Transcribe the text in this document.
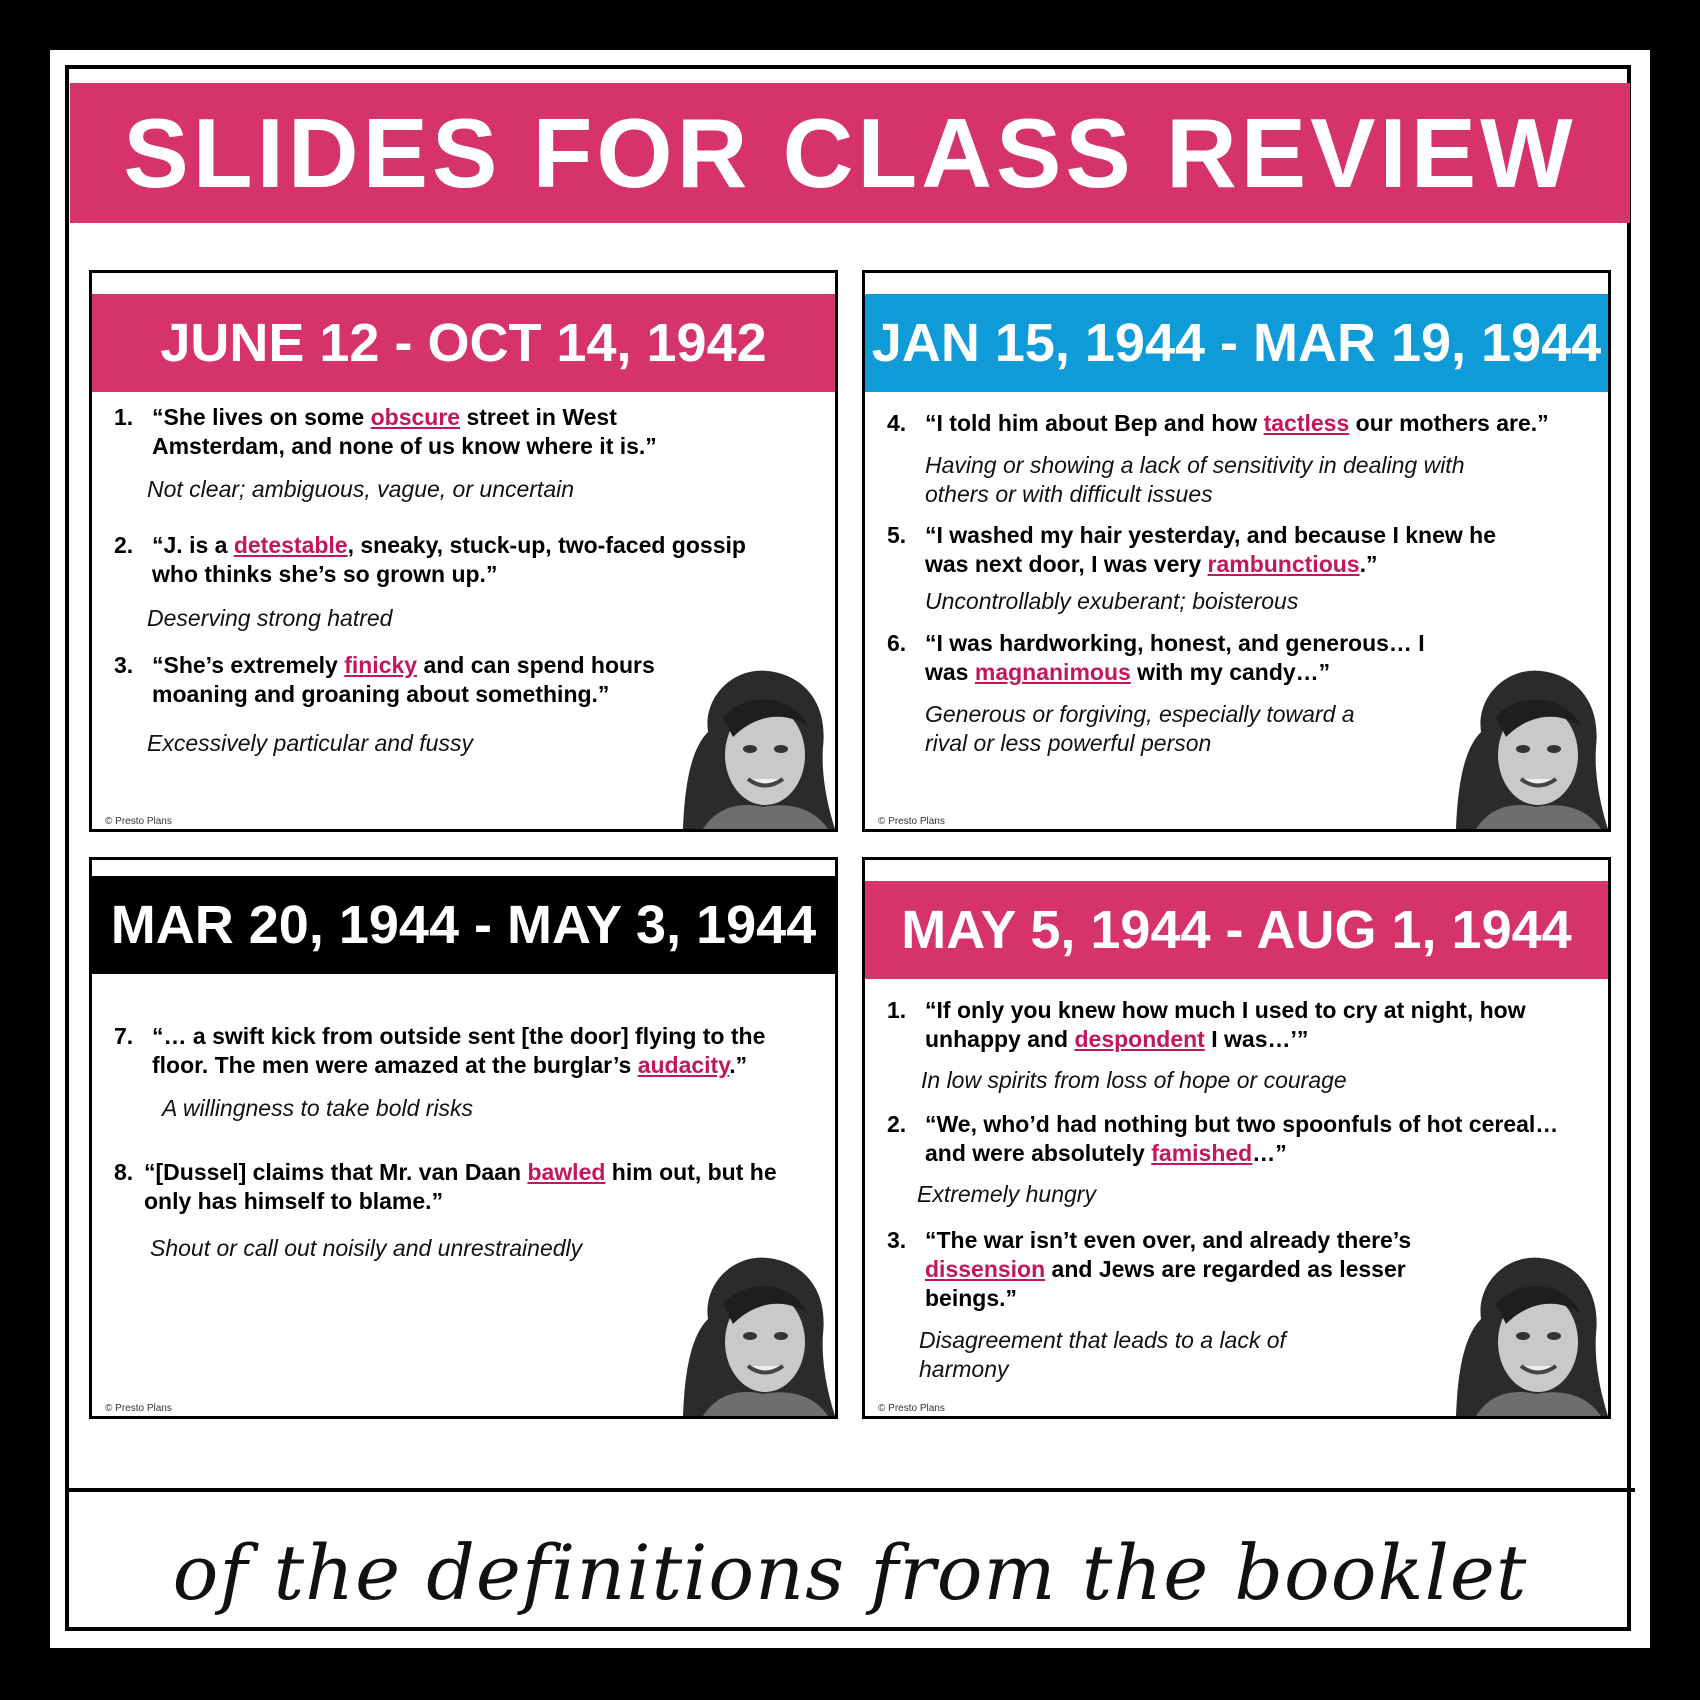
SLIDES FOR CLASS REVIEW
JUNE 12 - OCT 14, 1942
1. “She lives on some obscure street in West Amsterdam, and none of us know where it is.”
Not clear; ambiguous, vague, or uncertain
2. “J. is a detestable, sneaky, stuck-up, two-faced gossip who thinks she’s so grown up.”
Deserving strong hatred
3. “She’s extremely finicky and can spend hours moaning and groaning about something.”
Excessively particular and fussy
© Presto Plans
JAN 15, 1944 - MAR 19, 1944
4. “I told him about Bep and how tactless our mothers are.”
Having or showing a lack of sensitivity in dealing with others or with difficult issues
5. “I washed my hair yesterday, and because I knew he was next door, I was very rambunctious.”
Uncontrollably exuberant; boisterous
6. “I was hardworking, honest, and generous… I was magnanimous with my candy…”
Generous or forgiving, especially toward a rival or less powerful person
© Presto Plans
MAR 20, 1944 - MAY 3, 1944
7. “… a swift kick from outside sent [the door] flying to the floor. The men were amazed at the burglar’s audacity.”
A willingness to take bold risks
8. “[Dussel] claims that Mr. van Daan bawled him out, but he only has himself to blame.”
Shout or call out noisily and unrestrainedly
© Presto Plans
MAY 5, 1944 - AUG 1, 1944
1. “If only you knew how much I used to cry at night, how unhappy and despondent I was…’”
In low spirits from loss of hope or courage
2. “We, who’d had nothing but two spoonfuls of hot cereal… and were absolutely famished…”
Extremely hungry
3. “The war isn’t even over, and already there’s dissension and Jews are regarded as lesser beings.”
Disagreement that leads to a lack of harmony
© Presto Plans
of the definitions from the booklet
